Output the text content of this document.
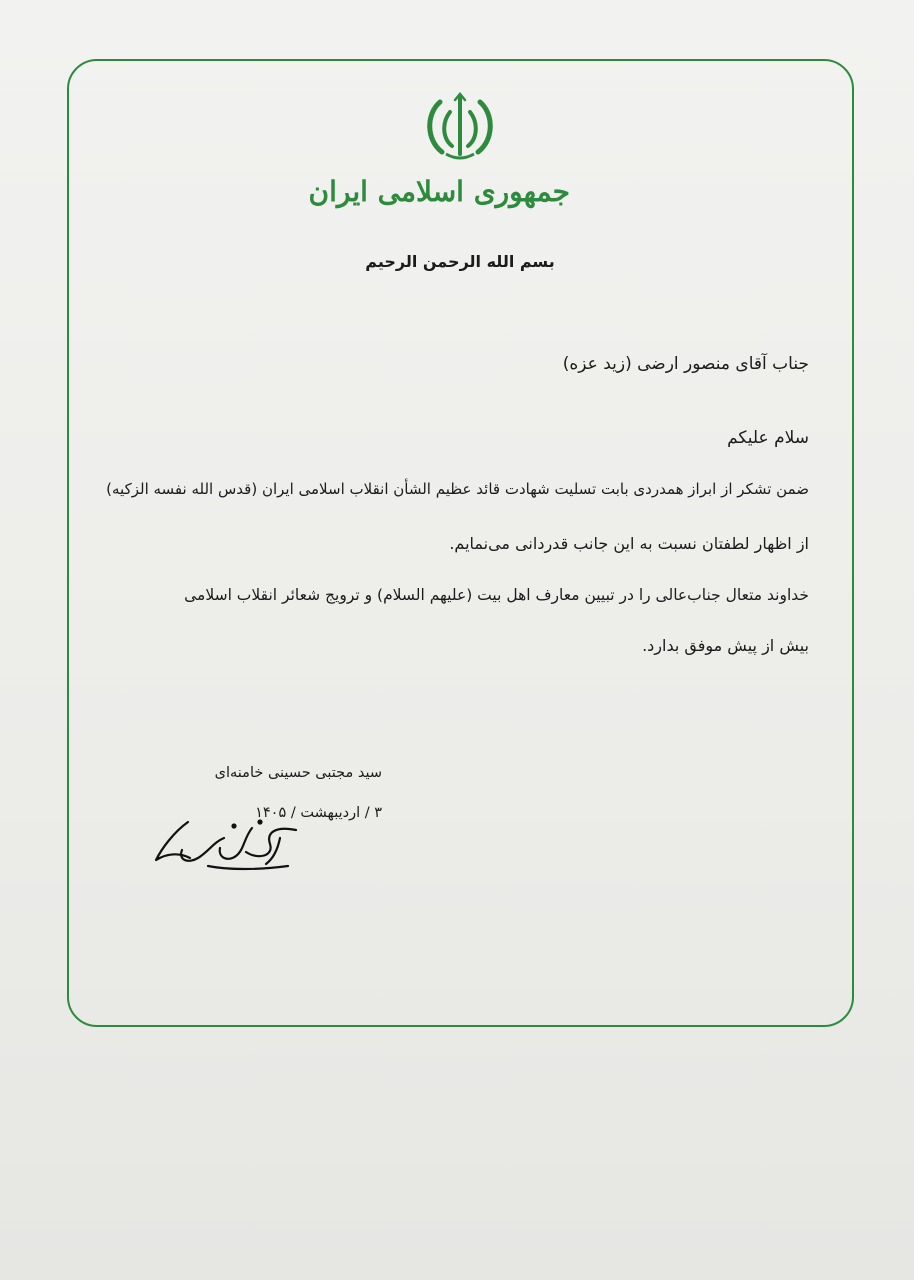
جمهوری اسلامی ایران
بسم الله الرحمن الرحیم
جناب آقای منصور ارضی (زید عزه)
سلام علیکم
ضمن تشکر از ابراز همدردی بابت تسلیت شهادت قائد عظیم الشأن انقلاب اسلامی ایران (قدس الله نفسه الزکیه)
از اظهار لطفتان نسبت به این جانب قدردانی می‌نمایم.
خداوند متعال جناب‌عالی را در تبیین معارف اهل بیت (علیهم السلام) و ترویج شعائر انقلاب اسلامی
بیش از پیش موفق بدارد.
سید مجتبی حسینی خامنه‌ای
۳ / اردیبهشت / ۱۴۰۵
